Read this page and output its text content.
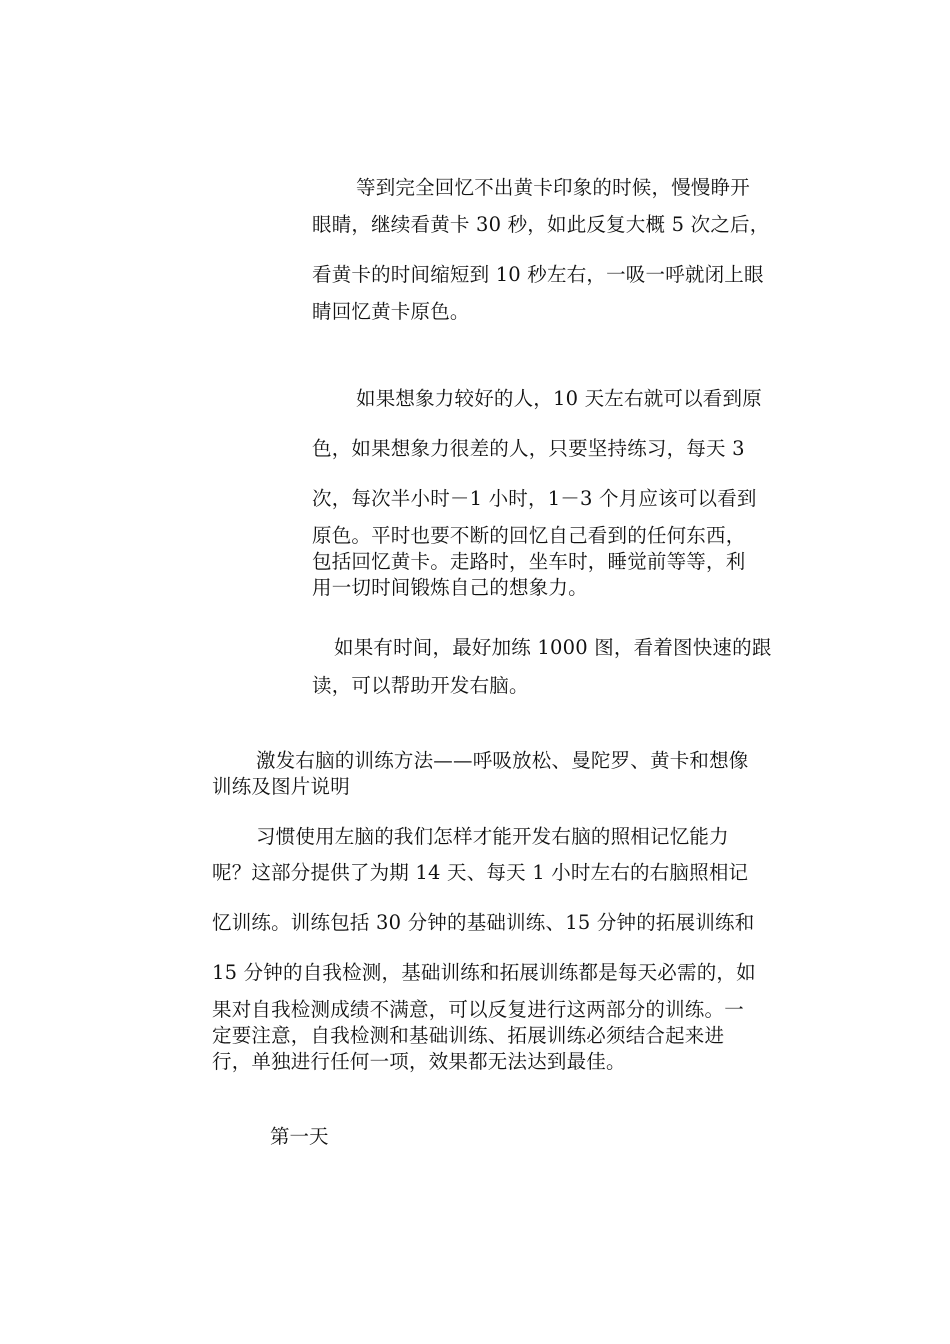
等到完全回忆不出黄卡印象的时候，慢慢睁开
眼睛，继续看黄卡 30 秒，如此反复大概 5 次之后，
看黄卡的时间缩短到 10 秒左右，一吸一呼就闭上眼
睛回忆黄卡原色。
如果想象力较好的人，10 天左右就可以看到原
色，如果想象力很差的人，只要坚持练习，每天 3
次，每次半小时－1 小时，1－3 个月应该可以看到
原色。平时也要不断的回忆自己看到的任何东西，
包括回忆黄卡。走路时，坐车时，睡觉前等等，利
用一切时间锻炼自己的想象力。
如果有时间，最好加练 1000 图，看着图快速的跟
读，可以帮助开发右脑。
激发右脑的训练方法——呼吸放松、曼陀罗、黄卡和想像
训练及图片说明
习惯使用左脑的我们怎样才能开发右脑的照相记忆能力
呢？这部分提供了为期 14 天、每天 1 小时左右的右脑照相记
忆训练。训练包括 30 分钟的基础训练、15 分钟的拓展训练和
15 分钟的自我检测，基础训练和拓展训练都是每天必需的，如
果对自我检测成绩不满意，可以反复进行这两部分的训练。一
定要注意，自我检测和基础训练、拓展训练必须结合起来进
行，单独进行任何一项，效果都无法达到最佳。
第一天
